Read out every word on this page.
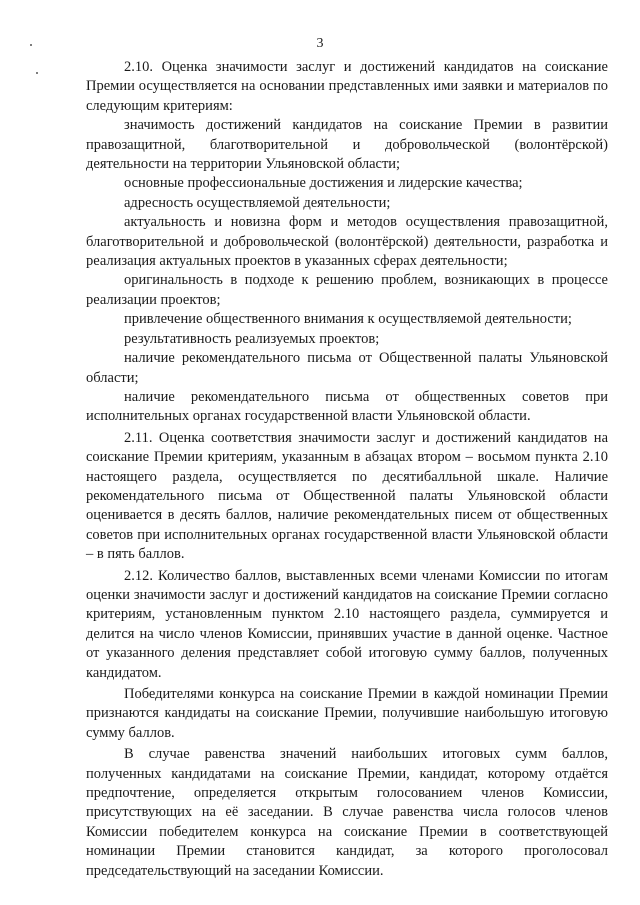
3

2.10. Оценка значимости заслуг и достижений кандидатов на соискание Премии осуществляется на основании представленных ими заявки и материалов по следующим критериям:

значимость достижений кандидатов на соискание Премии в развитии правозащитной, благотворительной и добровольческой (волонтёрской) деятельности на территории Ульяновской области;

основные профессиональные достижения и лидерские качества;

адресность осуществляемой деятельности;

актуальность и новизна форм и методов осуществления правозащитной, благотворительной и добровольческой (волонтёрской) деятельности, разработка и реализация актуальных проектов в указанных сферах деятельности;

оригинальность в подходе к решению проблем, возникающих в процессе реализации проектов;

привлечение общественного внимания к осуществляемой деятельности;

результативность реализуемых проектов;

наличие рекомендательного письма от Общественной палаты Ульяновской области;

наличие рекомендательного письма от общественных советов при исполнительных органах государственной власти Ульяновской области.

2.11. Оценка соответствия значимости заслуг и достижений кандидатов на соискание Премии критериям, указанным в абзацах втором – восьмом пункта 2.10 настоящего раздела, осуществляется по десятибалльной шкале. Наличие рекомендательного письма от Общественной палаты Ульяновской области оценивается в десять баллов, наличие рекомендательных писем от общественных советов при исполнительных органах государственной власти Ульяновской области – в пять баллов.

2.12. Количество баллов, выставленных всеми членами Комиссии по итогам оценки значимости заслуг и достижений кандидатов на соискание Премии согласно критериям, установленным пунктом 2.10 настоящего раздела, суммируется и делится на число членов Комиссии, принявших участие в данной оценке. Частное от указанного деления представляет собой итоговую сумму баллов, полученных кандидатом.

Победителями конкурса на соискание Премии в каждой номинации Премии признаются кандидаты на соискание Премии, получившие наибольшую итоговую сумму баллов.

В случае равенства значений наибольших итоговых сумм баллов, полученных кандидатами на соискание Премии, кандидат, которому отдаётся предпочтение, определяется открытым голосованием членов Комиссии, присутствующих на её заседании. В случае равенства числа голосов членов Комиссии победителем конкурса на соискание Премии в соответствующей номинации Премии становится кандидат, за которого проголосовал председательствующий на заседании Комиссии.
